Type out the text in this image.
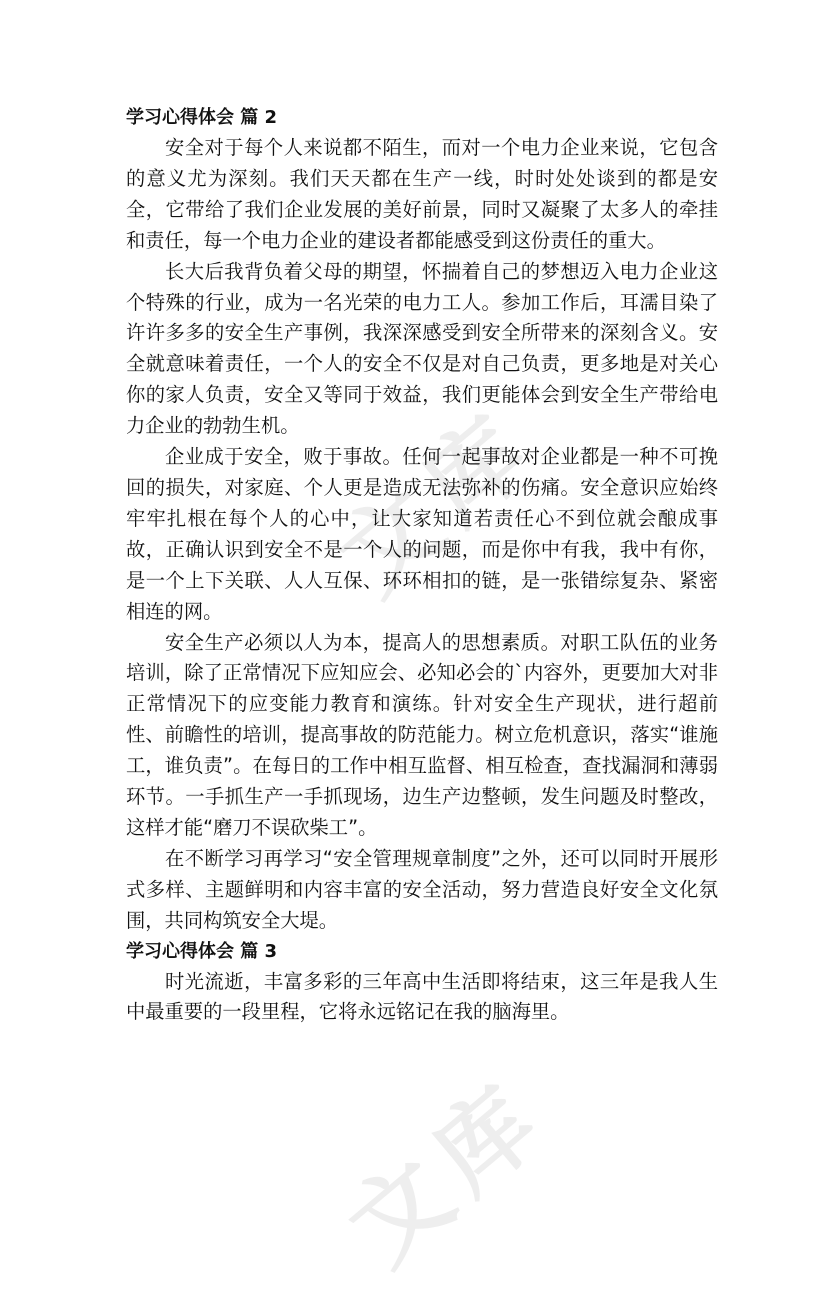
文
库
文
库
学习心得体会 篇 2

安全对于每个人来说都不陌生，而对一个电力企业来说，它包含的意义尤为深刻。我们天天都在生产一线，时时处处谈到的都是安全，它带给了我们企业发展的美好前景，同时又凝聚了太多人的牵挂和责任，每一个电力企业的建设者都能感受到这份责任的重大。

长大后我背负着父母的期望，怀揣着自己的梦想迈入电力企业这个特殊的行业，成为一名光荣的电力工人。参加工作后，耳濡目染了许许多多的安全生产事例，我深深感受到安全所带来的深刻含义。安全就意味着责任，一个人的安全不仅是对自己负责，更多地是对关心你的家人负责，安全又等同于效益，我们更能体会到安全生产带给电力企业的勃勃生机。

企业成于安全，败于事故。任何一起事故对企业都是一种不可挽回的损失，对家庭、个人更是造成无法弥补的伤痛。安全意识应始终牢牢扎根在每个人的心中，让大家知道若责任心不到位就会酿成事故，正确认识到安全不是一个人的问题，而是你中有我，我中有你，是一个上下关联、人人互保、环环相扣的链，是一张错综复杂、紧密相连的网。

安全生产必须以人为本，提高人的思想素质。对职工队伍的业务培训，除了正常情况下应知应会、必知必会的`内容外，更要加大对非正常情况下的应变能力教育和演练。针对安全生产现状，进行超前性、前瞻性的培训，提高事故的防范能力。树立危机意识，落实“谁施工，谁负责”。在每日的工作中相互监督、相互检查，查找漏洞和薄弱环节。一手抓生产一手抓现场，边生产边整顿，发生问题及时整改，这样才能“磨刀不误砍柴工”。

在不断学习再学习“安全管理规章制度”之外，还可以同时开展形式多样、主题鲜明和内容丰富的安全活动，努力营造良好安全文化氛围，共同构筑安全大堤。

学习心得体会 篇 3

时光流逝，丰富多彩的三年高中生活即将结束，这三年是我人生中最重要的一段里程，它将永远铭记在我的脑海里。
